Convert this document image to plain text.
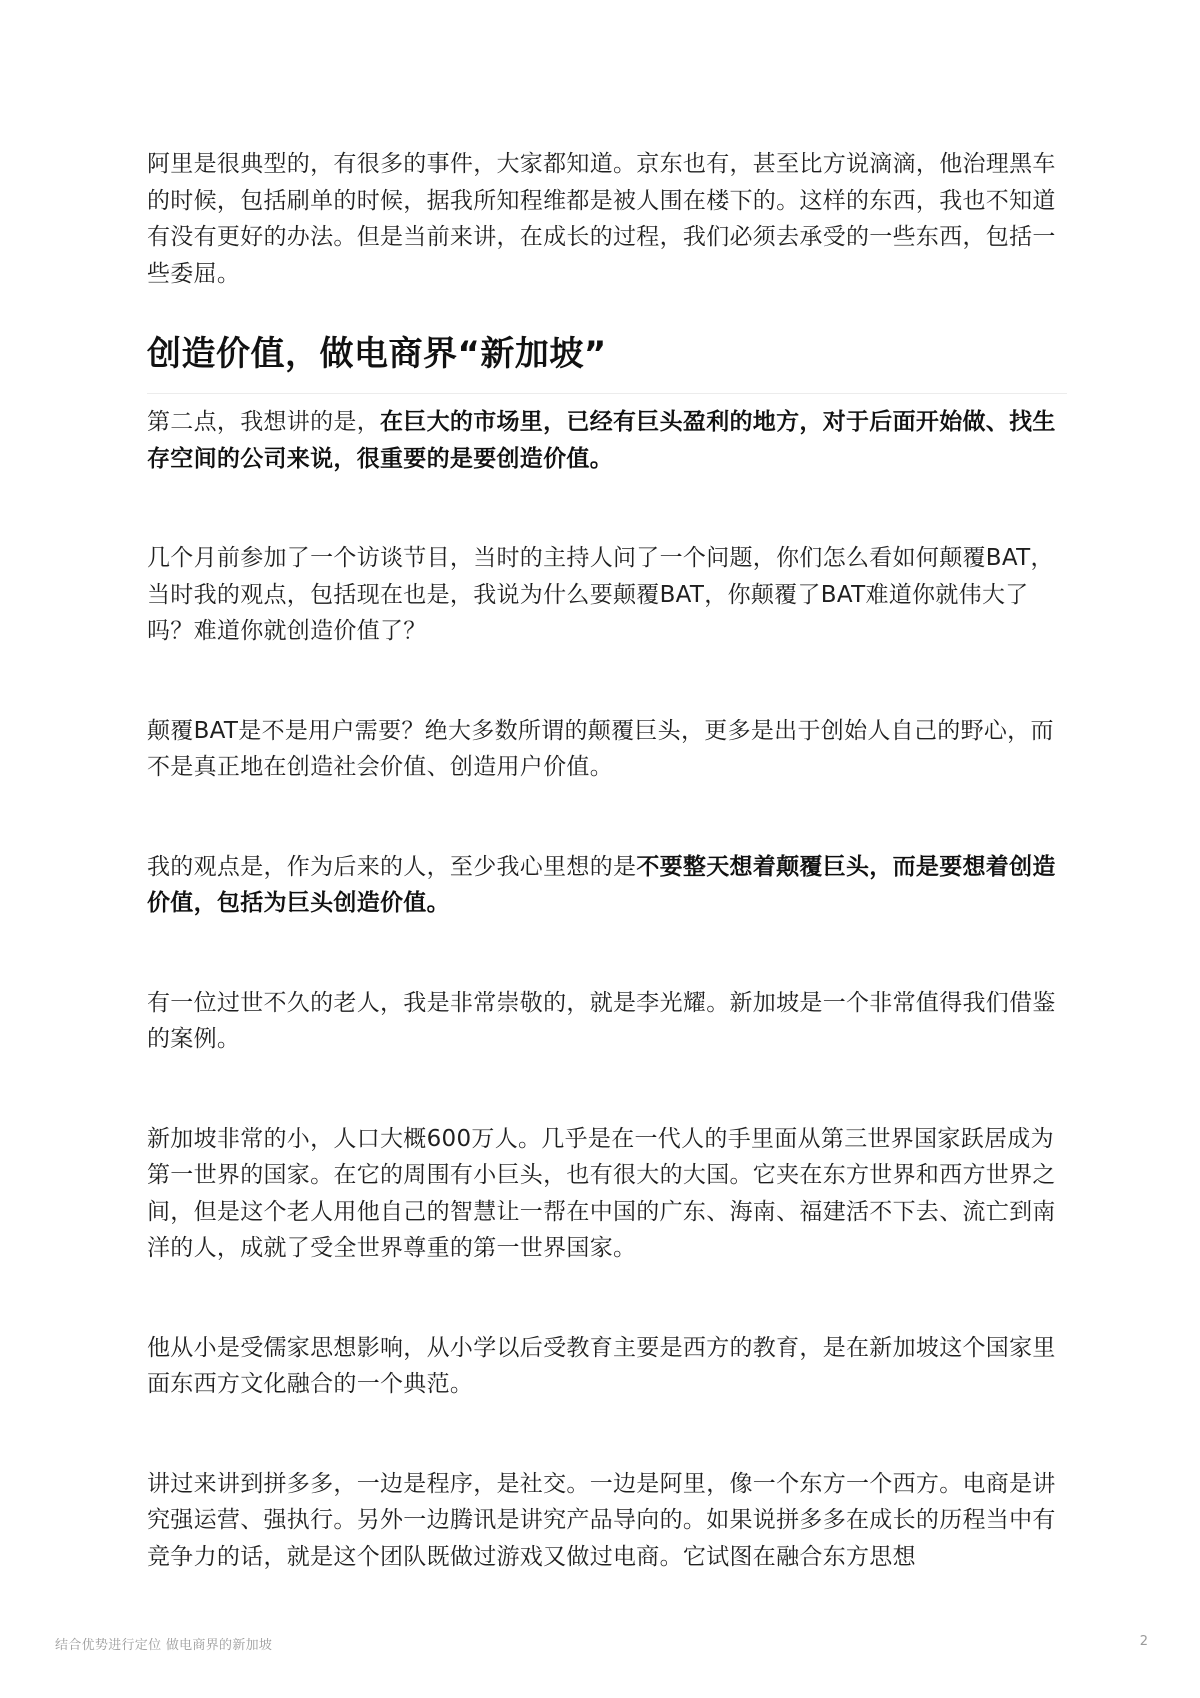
阿里是很典型的，有很多的事件，大家都知道。京东也有，甚至比方说滴滴，他治理黑车的时候，包括刷单的时候，据我所知程维都是被人围在楼下的。这样的东西，我也不知道有没有更好的办法。但是当前来讲，在成长的过程，我们必须去承受的一些东西，包括一些委屈。

创造价值，做电商界“新加坡”

第二点，我想讲的是，在巨大的市场里，已经有巨头盈利的地方，对于后面开始做、找生存空间的公司来说，很重要的是要创造价值。

几个月前参加了一个访谈节目，当时的主持人问了一个问题，你们怎么看如何颠覆BAT，当时我的观点，包括现在也是，我说为什么要颠覆BAT，你颠覆了BAT难道你就伟大了吗？难道你就创造价值了？

颠覆BAT是不是用户需要？绝大多数所谓的颠覆巨头，更多是出于创始人自己的野心，而不是真正地在创造社会价值、创造用户价值。

我的观点是，作为后来的人，至少我心里想的是不要整天想着颠覆巨头，而是要想着创造价值，包括为巨头创造价值。

有一位过世不久的老人，我是非常崇敬的，就是李光耀。新加坡是一个非常值得我们借鉴的案例。

新加坡非常的小，人口大概600万人。几乎是在一代人的手里面从第三世界国家跃居成为第一世界的国家。在它的周围有小巨头，也有很大的大国。它夹在东方世界和西方世界之间，但是这个老人用他自己的智慧让一帮在中国的广东、海南、福建活不下去、流亡到南洋的人，成就了受全世界尊重的第一世界国家。

他从小是受儒家思想影响，从小学以后受教育主要是西方的教育，是在新加坡这个国家里面东西方文化融合的一个典范。

讲过来讲到拼多多，一边是程序，是社交。一边是阿里，像一个东方一个西方。电商是讲究强运营、强执行。另外一边腾讯是讲究产品导向的。如果说拼多多在成长的历程当中有竞争力的话，就是这个团队既做过游戏又做过电商。它试图在融合东方思想

结合优势进行定位 做电商界的新加坡	2
